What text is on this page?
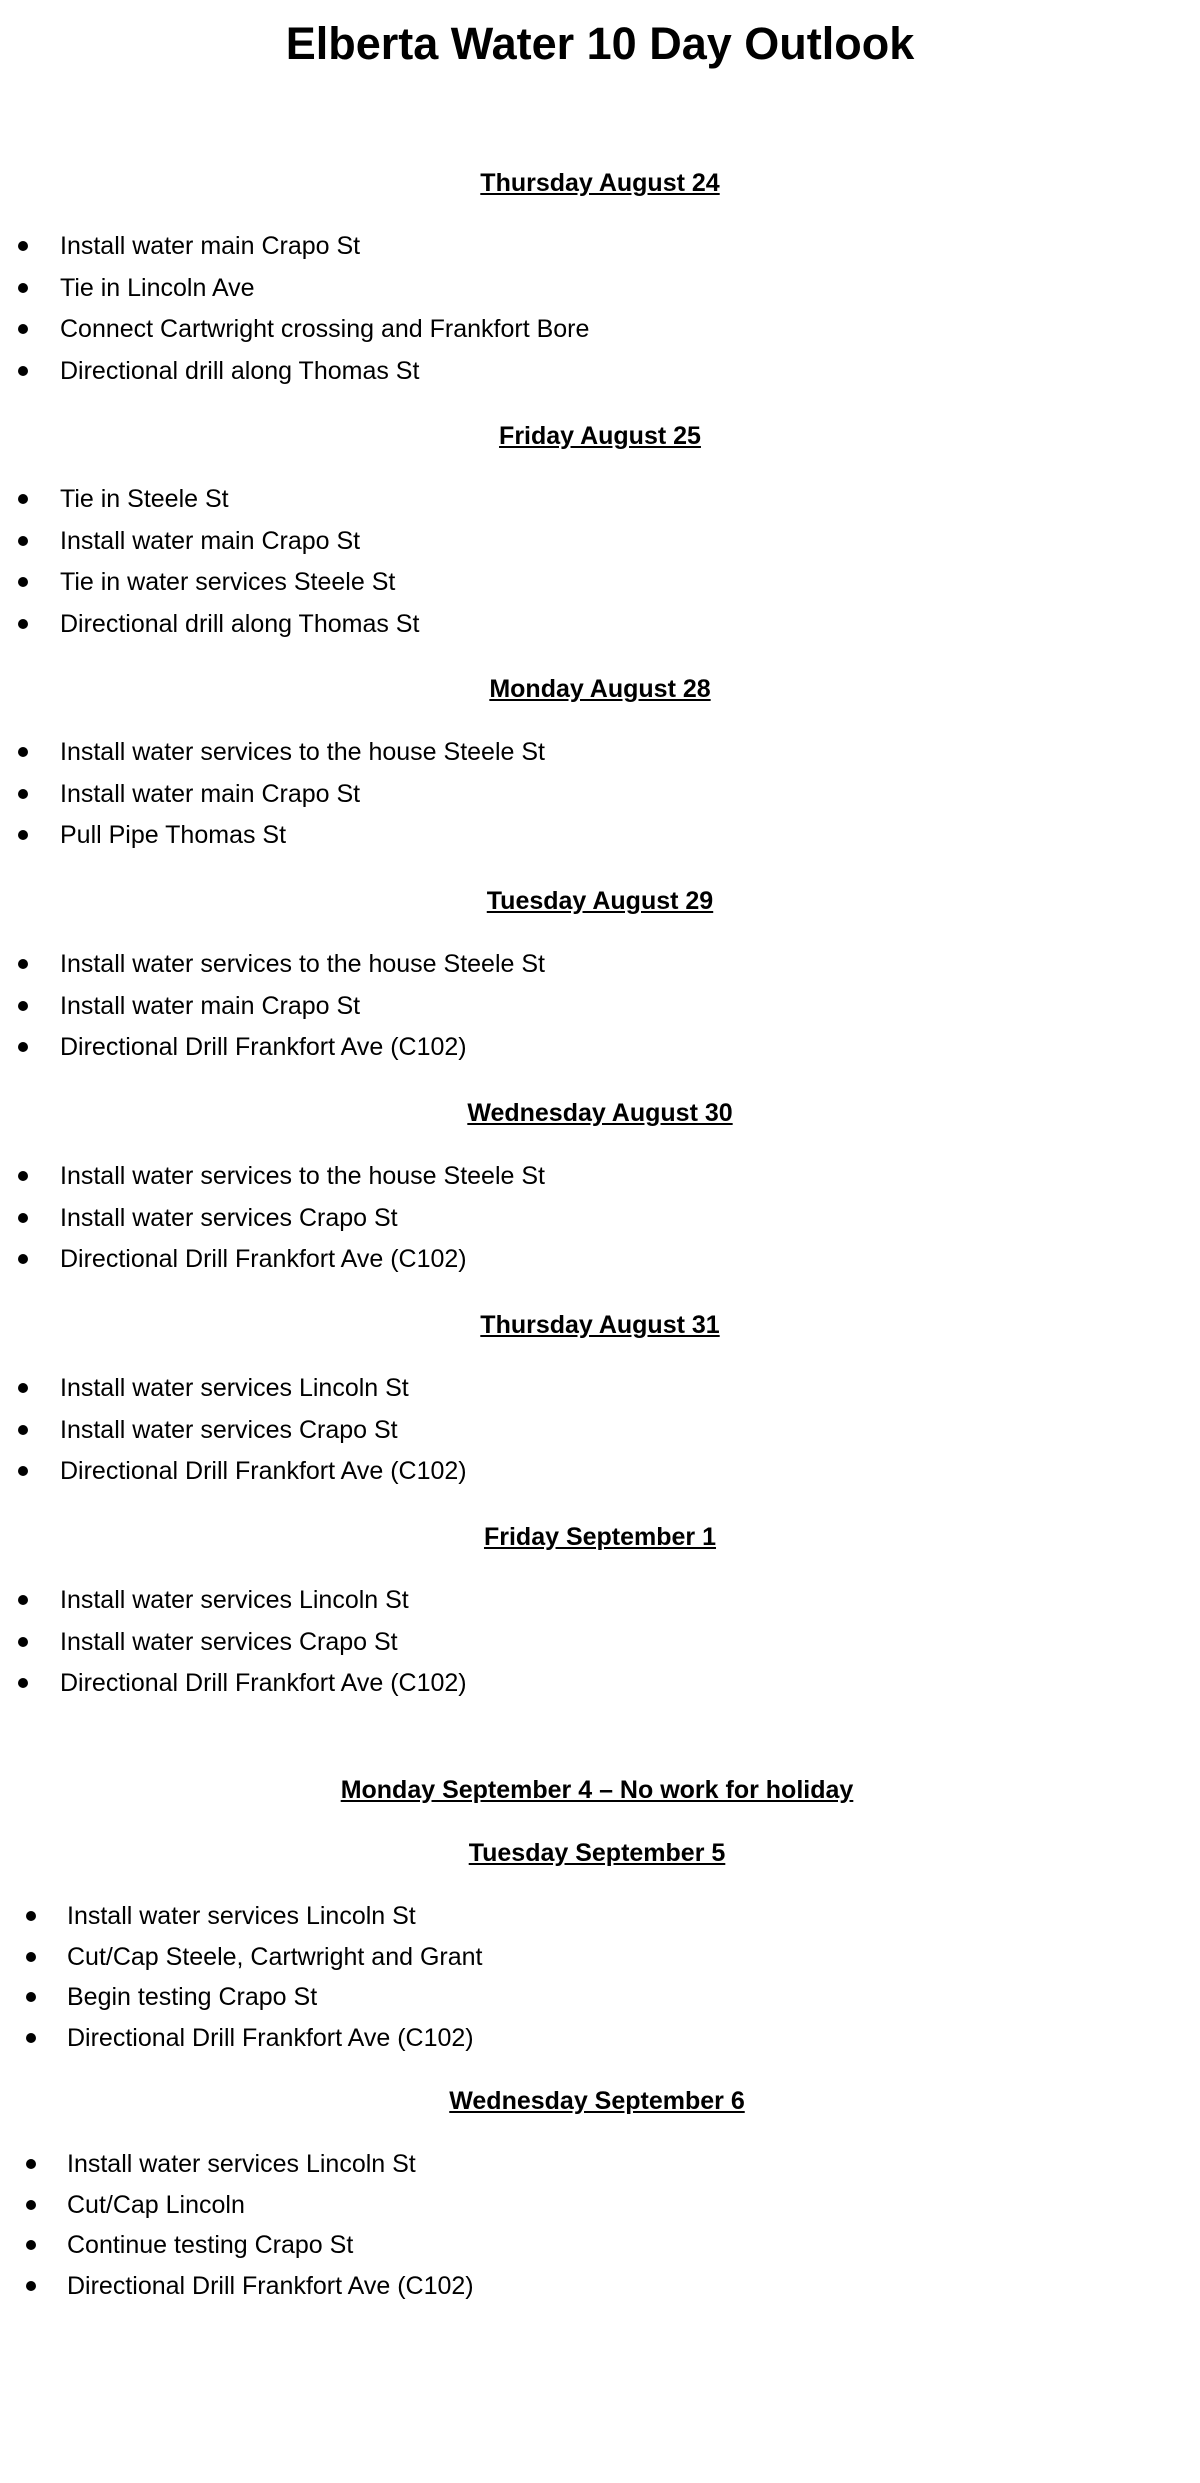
Elberta Water 10 Day Outlook
Thursday August 24
Install water main Crapo St
Tie in Lincoln Ave
Connect Cartwright crossing and Frankfort Bore
Directional drill along Thomas St
Friday August 25
Tie in Steele St
Install water main Crapo St
Tie in water services Steele St
Directional drill along Thomas St
Monday August 28
Install water services to the house Steele St
Install water main Crapo St
Pull Pipe Thomas St
Tuesday August 29
Install water services to the house Steele St
Install water main Crapo St
Directional Drill Frankfort Ave (C102)
Wednesday August 30
Install water services to the house Steele St
Install water services Crapo St
Directional Drill Frankfort Ave (C102)
Thursday August 31
Install water services Lincoln St
Install water services Crapo St
Directional Drill Frankfort Ave (C102)
Friday September 1
Install water services Lincoln St
Install water services Crapo St
Directional Drill Frankfort Ave (C102)
Monday September 4 – No work for holiday
Tuesday September 5
Install water services Lincoln St
Cut/Cap Steele, Cartwright and Grant
Begin testing Crapo St
Directional Drill Frankfort Ave (C102)
Wednesday September 6
Install water services Lincoln St
Cut/Cap Lincoln
Continue testing Crapo St
Directional Drill Frankfort Ave (C102)
